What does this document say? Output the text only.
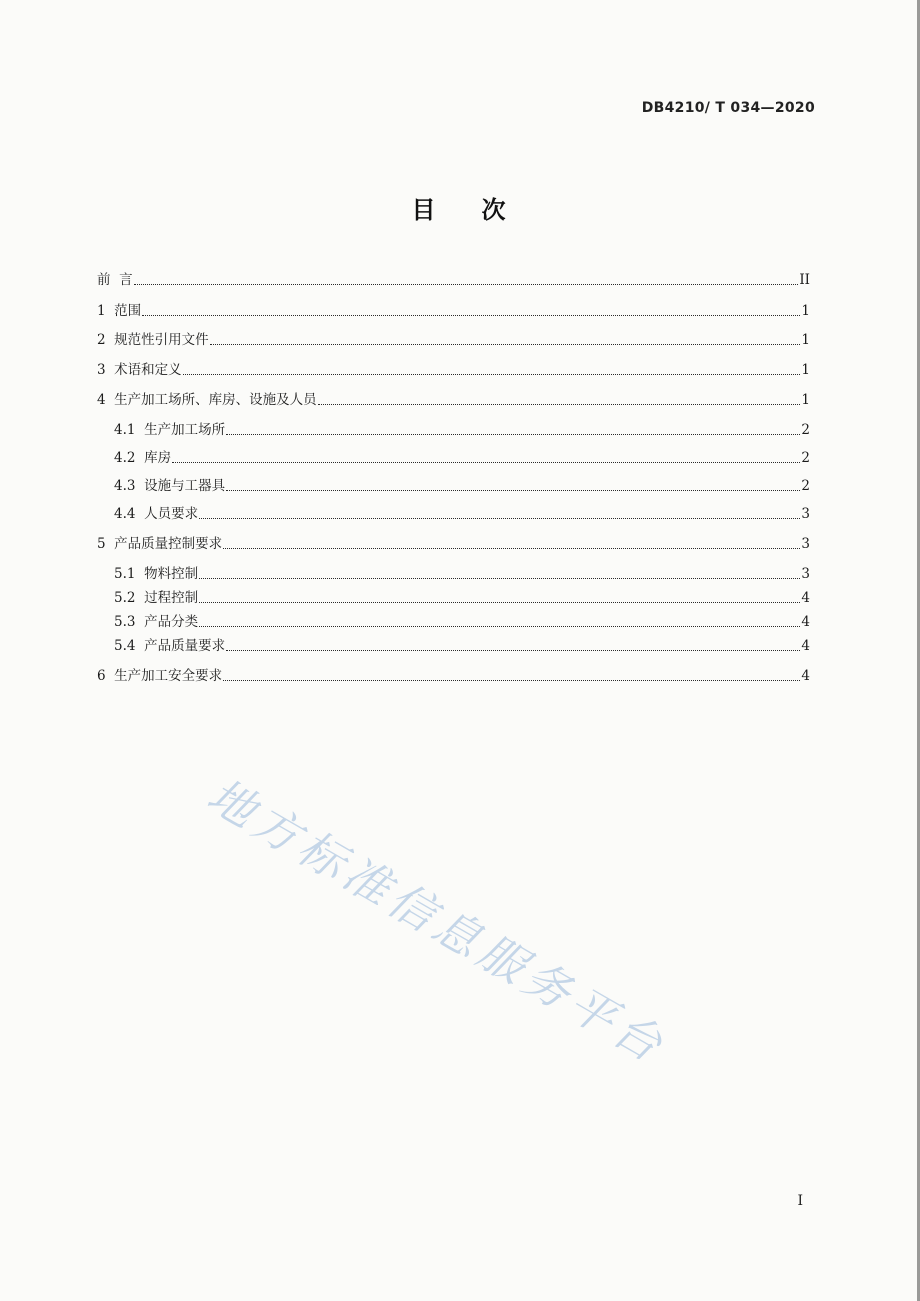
DB4210/ T 034—2020
目次
前 言	II
1 范围	1
2 规范性引用文件	1
3 术语和定义	1
4 生产加工场所、库房、设施及人员	1
4.1 生产加工场所	2
4.2 库房	2
4.3 设施与工器具	2
4.4 人员要求	3
5 产品质量控制要求	3
5.1 物料控制	3
5.2 过程控制	4
5.3 产品分类	4
5.4 产品质量要求	4
6 生产加工安全要求	4
地方标准信息服务平台
I
